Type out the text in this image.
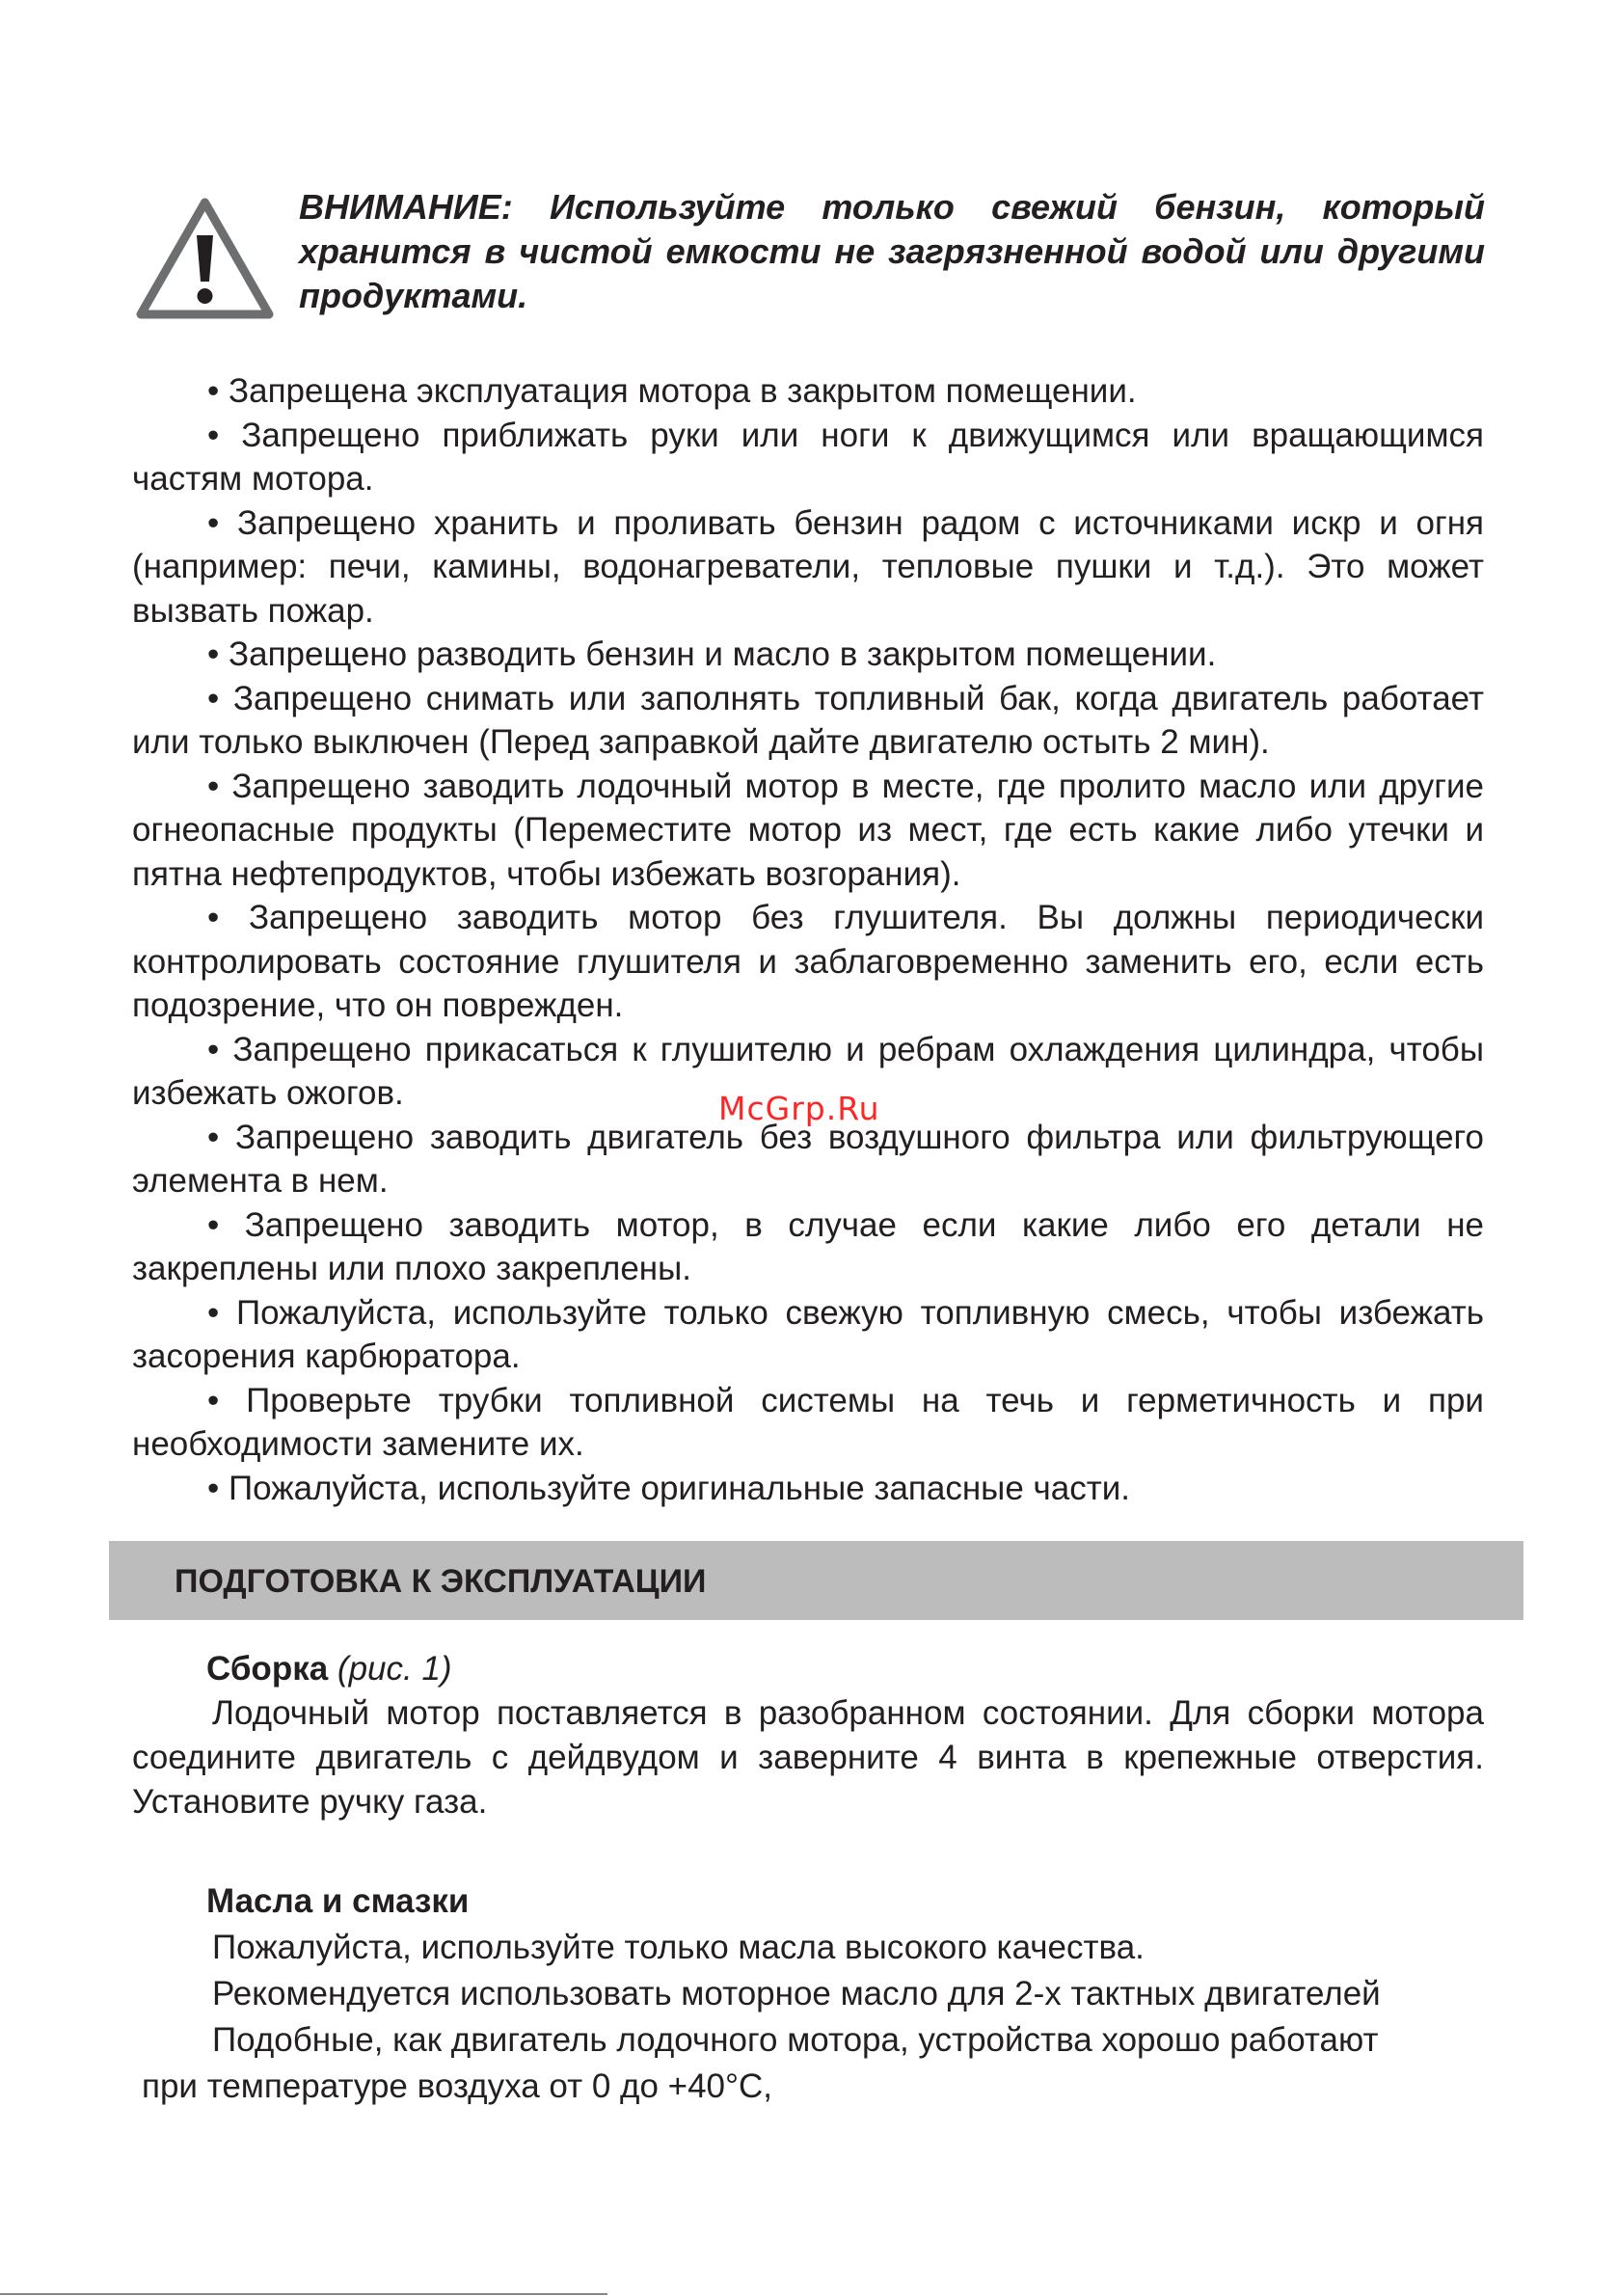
ВНИМАНИЕ: Используйте только свежий бензин, который хранится в чистой емкости не загрязненной водой или другими продуктами.

• Запрещена эксплуатация мотора в закрытом помещении.

• Запрещено приближать руки или ноги к движущимся или вращающимся частям мотора.

• Запрещено хранить и проливать бензин радом с источниками искр и огня (например: печи, камины, водонагреватели, тепловые пушки и т.д.). Это может вызвать пожар.

• Запрещено разводить бензин и масло в закрытом помещении.

• Запрещено снимать или заполнять топливный бак, когда двигатель работает или только выключен (Перед заправкой дайте двигателю остыть 2 мин).

• Запрещено заводить лодочный мотор в месте, где пролито масло или другие огнеопасные продукты (Переместите мотор из мест, где есть какие либо утечки и пятна нефтепродуктов, чтобы избежать возгорания).

• Запрещено заводить мотор без глушителя. Вы должны периодически контролировать состояние глушителя и заблаговременно заменить его, если есть подозрение, что он поврежден.

• Запрещено прикасаться к глушителю и ребрам охлаждения цилиндра, чтобы избежать ожогов.

• Запрещено заводить двигатель без воздушного фильтра или фильтрующего элемента в нем.

• Запрещено заводить мотор, в случае если какие либо его детали не закреплены или плохо закреплены.

• Пожалуйста, используйте только свежую топливную смесь, чтобы избежать засорения карбюратора.

• Проверьте трубки топливной системы на течь и герметичность и при необходимости замените их.

• Пожалуйста, используйте оригинальные запасные части.

ПОДГОТОВКА К ЭКСПЛУАТАЦИИ

Сборка (рис. 1)

Лодочный мотор поставляется в разобранном состоянии. Для сборки мотора соедините двигатель с дейдвудом и заверните 4 винта в крепежные отверстия. Установите ручку газа.

Масла и смазки

Пожалуйста, используйте только масла высокого качества.

Рекомендуется использовать моторное масло для 2-х тактных двигателей

Подобные, как двигатель лодочного мотора, устройства хорошо работают

при температуре воздуха от 0 до +40°С,

McGrp.Ru
